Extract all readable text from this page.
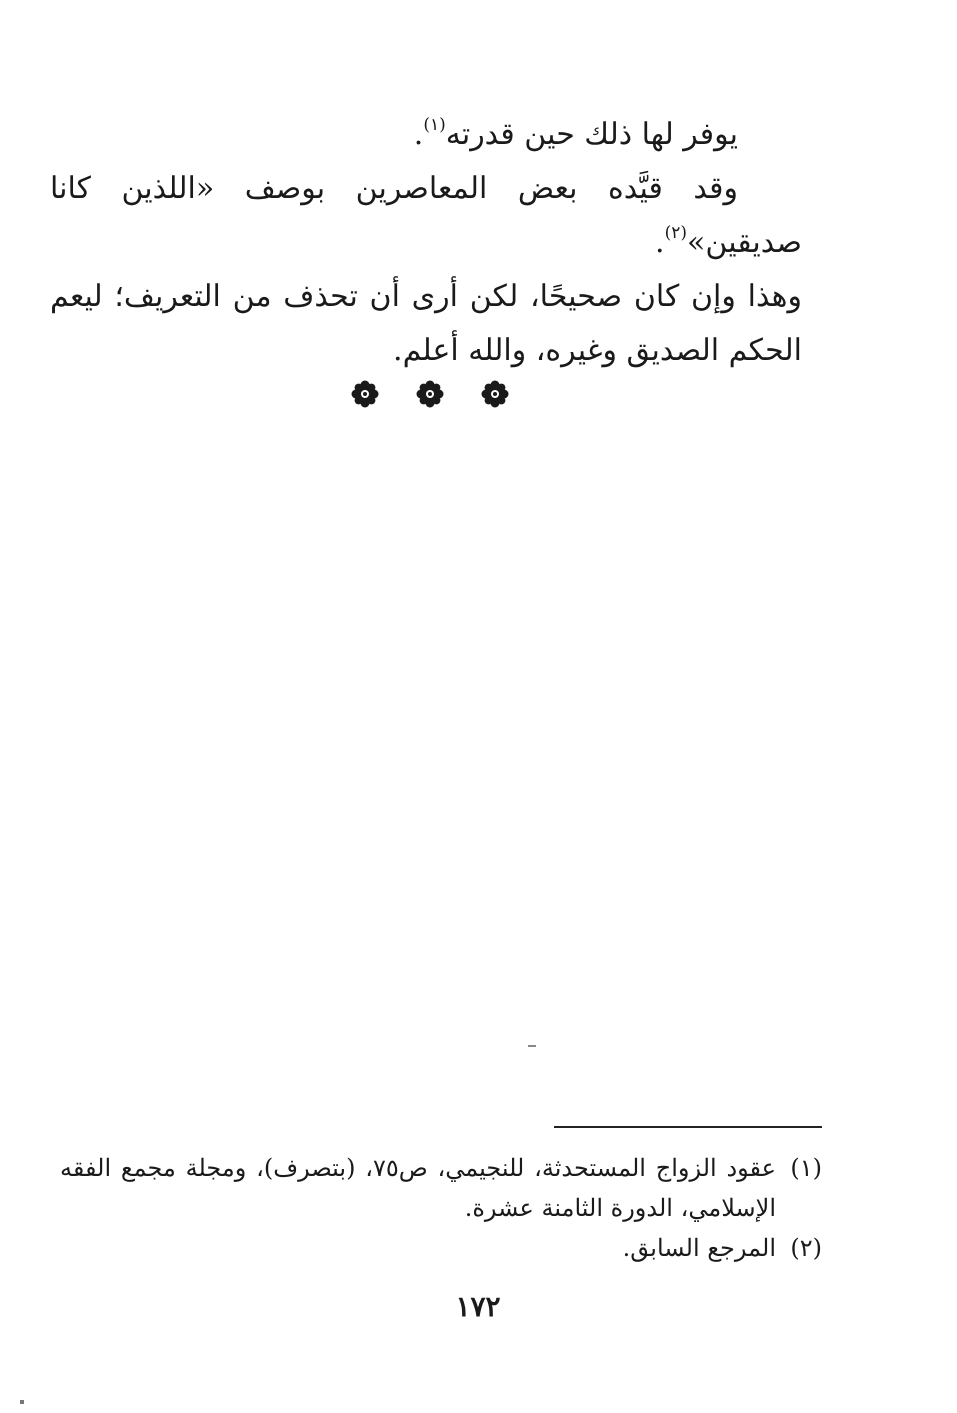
يوفر لها ذلك حين قدرته$^{(١)}$.

وقد قيَّده بعض المعاصرين بوصف «اللذين كانا صديقين»$^{(٢)}$.

وهذا وإن كان صحيحًا، لكن أرى أن تحذف من التعريف؛ ليعم الحكم الصديق وغيره، والله أعلم.

(١)عقود الزواج المستحدثة، للنجيمي، ص٧٥، (بتصرف)، ومجلة مجمع الفقه الإسلامي، الدورة الثامنة عشرة.

(٢)المرجع السابق.

١٧٢
